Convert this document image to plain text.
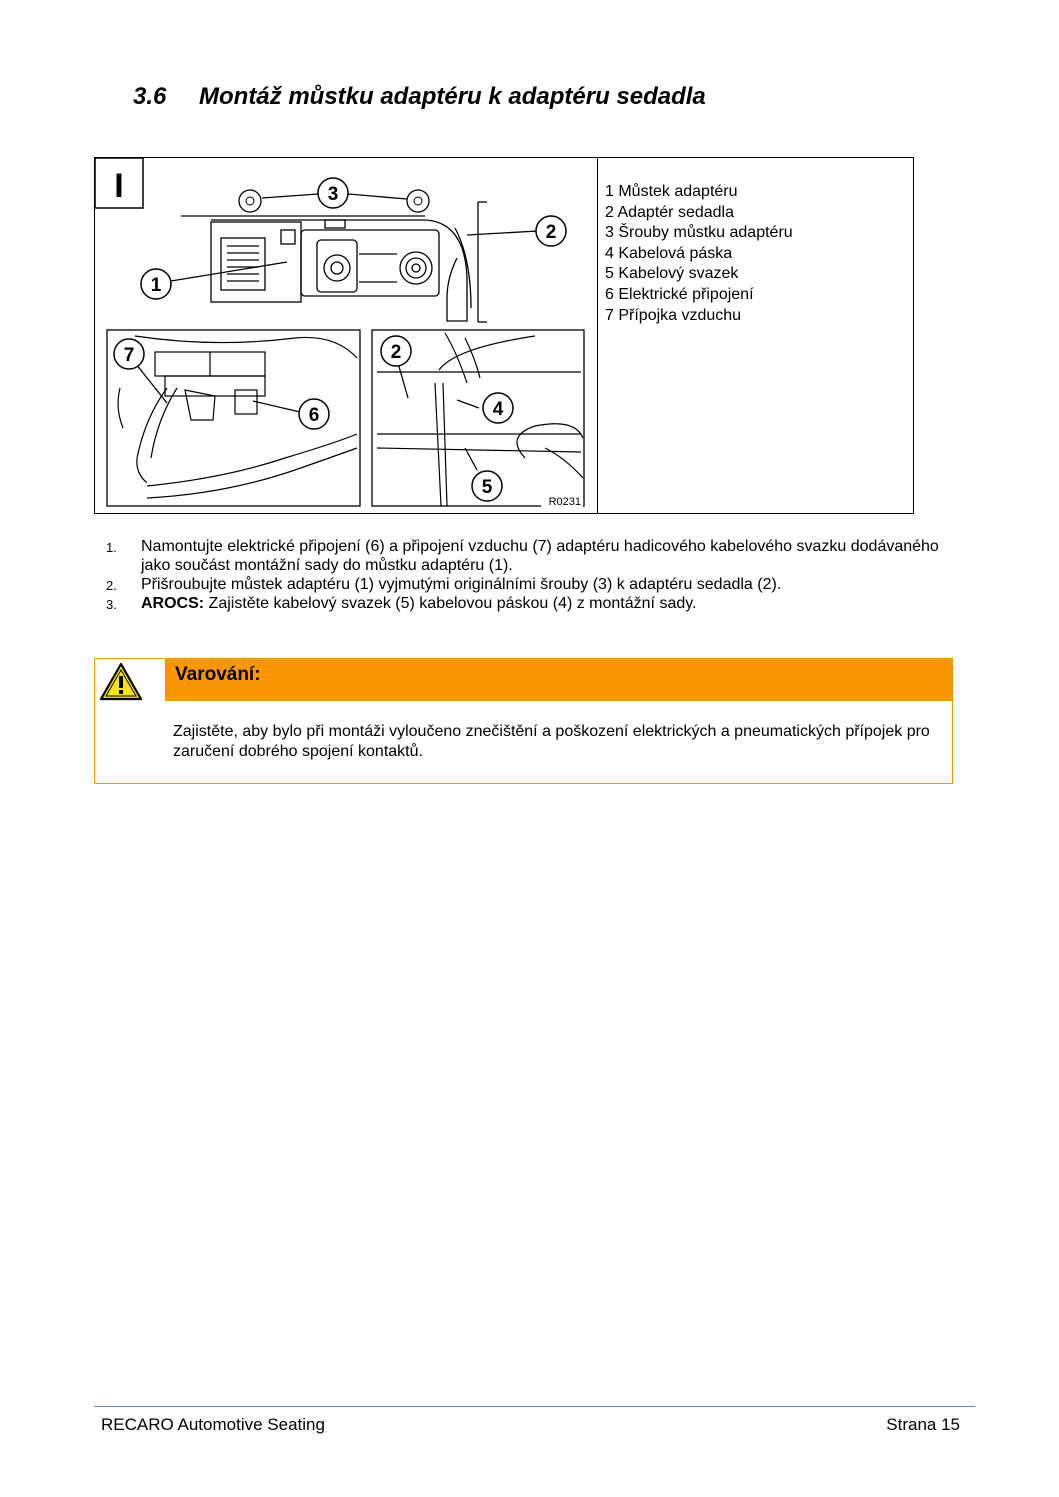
3.6 Montáž můstku adaptéru k adaptéru sedadla
I
R0231
1
2
3
7
6
2
4
5
1 Můstek adaptéru
2 Adaptér sedadla
3 Šrouby můstku adaptéru
4 Kabelová páska
5 Kabelový svazek
6 Elektrické připojení
7 Přípojka vzduchu
1. Namontujte elektrické připojení (6) a připojení vzduchu (7) adaptéru hadicového kabelového svazku dodávaného jako součást montážní sady do můstku adaptéru (1).
2. Přišroubujte můstek adaptéru (1) vyjmutými originálními šrouby (3) k adaptéru sedadla (2).
3. AROCS: Zajistěte kabelový svazek (5) kabelovou páskou (4) z montážní sady.
Varování:
Zajistěte, aby bylo při montáži vyloučeno znečištění a poškození elektrických a pneumatických přípojek pro zaručení dobrého spojení kontaktů.
RECARO Automotive Seating	Strana 15
